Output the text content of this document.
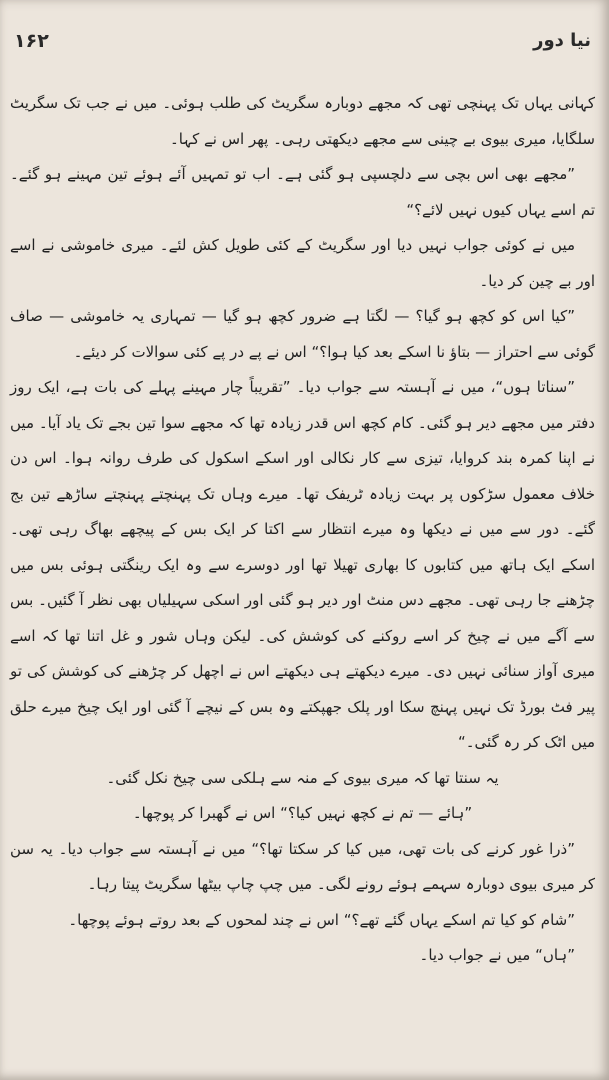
۱۶۲	نیا دور

کہانی یہاں تک پہنچی تھی کہ مجھے دوبارہ سگریٹ کی طلب ہوئی۔ میں نے جب تک سگریٹ سلگایا، میری بیوی بے چینی سے مجھے دیکھتی رہی۔ پھر اس نے کہا۔

”مجھے بھی اس بچی سے دلچسپی ہو گئی ہے۔ اب تو تمہیں آئے ہوئے تین مہینے ہو گئے۔ تم اسے یہاں کیوں نہیں لائے؟“

میں نے کوئی جواب نہیں دیا اور سگریٹ کے کئی طویل کش لئے۔ میری خاموشی نے اسے اور بے چین کر دیا۔

”کیا اس کو کچھ ہو گیا؟ — لگتا ہے ضرور کچھ ہو گیا — تمہاری یہ خاموشی — صاف گوئی سے احتراز — بتاؤ نا اسکے بعد کیا ہوا؟“ اس نے پے در پے کئی سوالات کر دیئے۔

”سناتا ہوں“، میں نے آہستہ سے جواب دیا۔ ”تقریباً چار مہینے پہلے کی بات ہے، ایک روز دفتر میں مجھے دیر ہو گئی۔ کام کچھ اس قدر زیادہ تھا کہ مجھے سوا تین بجے تک یاد آیا۔ میں نے اپنا کمرہ بند کروایا، تیزی سے کار نکالی اور اسکے اسکول کی طرف روانہ ہوا۔ اس دن خلاف معمول سڑکوں پر بہت زیادہ ٹریفک تھا۔ میرے وہاں تک پہنچتے پہنچتے ساڑھے تین بج گئے۔ دور سے میں نے دیکھا وہ میرے انتظار سے اکتا کر ایک بس کے پیچھے بھاگ رہی تھی۔ اسکے ایک ہاتھ میں کتابوں کا بھاری تھیلا تھا اور دوسرے سے وہ ایک رینگتی ہوئی بس میں چڑھنے جا رہی تھی۔ مجھے دس منٹ اور دیر ہو گئی اور اسکی سہیلیاں بھی نظر آ گئیں۔ بس سے آگے میں نے چیخ کر اسے روکنے کی کوشش کی۔ لیکن وہاں شور و غل اتنا تھا کہ اسے میری آواز سنائی نہیں دی۔ میرے دیکھتے ہی دیکھتے اس نے اچھل کر چڑھنے کی کوشش کی تو پیر فٹ بورڈ تک نہیں پہنچ سکا اور پلک جھپکتے وہ بس کے نیچے آ گئی اور ایک چیخ میرے حلق میں اٹک کر رہ گئی۔“

یہ سنتا تھا کہ میری بیوی کے منہ سے ہلکی سی چیخ نکل گئی۔

”ہائے — تم نے کچھ نہیں کیا؟“ اس نے گھبرا کر پوچھا۔

”ذرا غور کرنے کی بات تھی، میں کیا کر سکتا تھا؟“ میں نے آہستہ سے جواب دیا۔ یہ سن کر میری بیوی دوبارہ سہمے ہوئے رونے لگی۔ میں چپ چاپ بیٹھا سگریٹ پیتا رہا۔

”شام کو کیا تم اسکے یہاں گئے تھے؟“ اس نے چند لمحوں کے بعد روتے ہوئے پوچھا۔

”ہاں“ میں نے جواب دیا۔
